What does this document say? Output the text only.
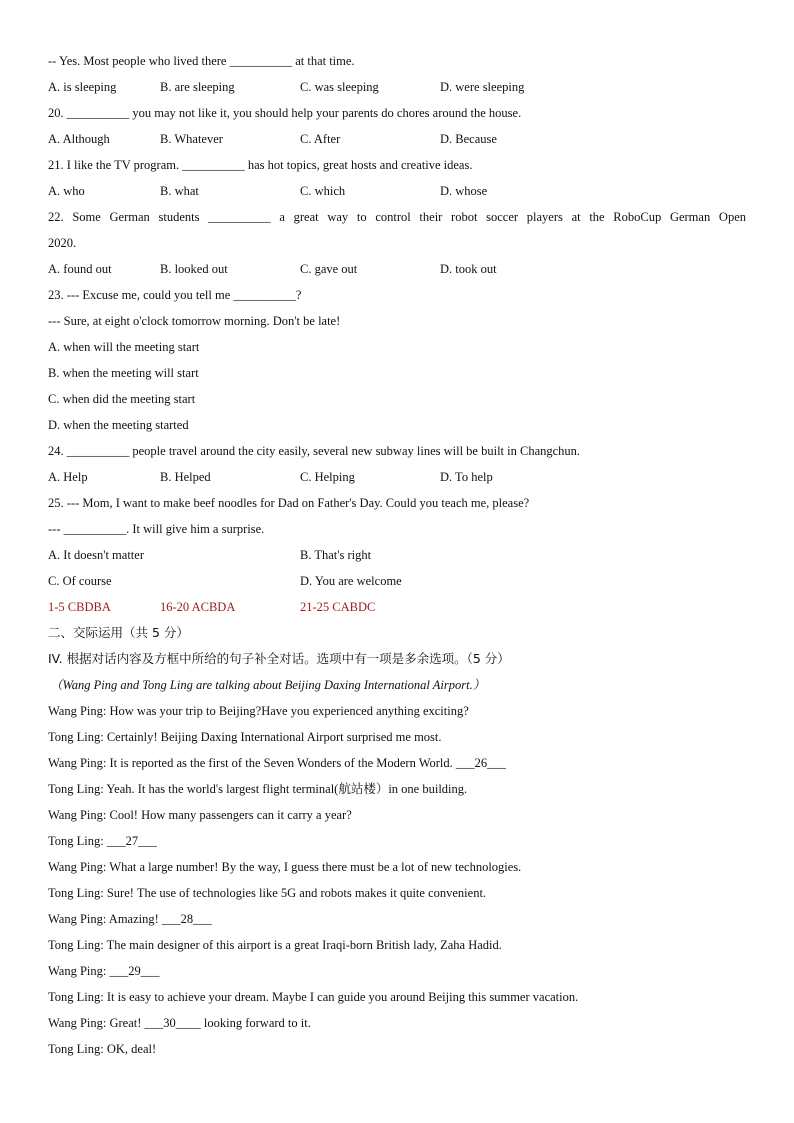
-- Yes. Most people who lived there __________ at that time.
A. is sleeping	B. are sleeping	C. was sleeping	D. were sleeping
20. __________ you may not like it, you should help your parents do chores around the house.
A. Although	B. Whatever	C. After	D. Because
21. I like the TV program. __________ has hot topics, great hosts and creative ideas.
A. who	B. what	C. which	D. whose
22. Some German students __________ a great way to control their robot soccer players at the RoboCup German Open
2020.
A. found out	B. looked out	C. gave out	D. took out
23. --- Excuse me, could you tell me __________?
--- Sure, at eight o'clock tomorrow morning. Don't be late!
A. when will the meeting start
B. when the meeting will start
C. when did the meeting start
D. when the meeting started
24. __________ people travel around the city easily, several new subway lines will be built in Changchun.
A. Help	B. Helped	C. Helping	D. To help
25. --- Mom, I want to make beef noodles for Dad on Father's Day. Could you teach me, please?
--- __________. It will give him a surprise.
A. It doesn't matter	B. That's right
C. Of course	D. You are welcome
1-5 CBDBA	16-20 ACBDA	21-25 CABDC
二、交际运用（共 5 分）
IV. 根据对话内容及方框中所给的句子补全对话。选项中有一项是多余选项。（5 分）
（Wang Ping and Tong Ling are talking about Beijing Daxing International Airport.）
Wang Ping: How was your trip to Beijing?Have you experienced anything exciting?
Tong Ling: Certainly! Beijing Daxing International Airport surprised me most.
Wang Ping: It is reported as the first of the Seven Wonders of the Modern World. ___26___
Tong Ling: Yeah. It has the world's largest flight terminal(航站楼）in one building.
Wang Ping: Cool! How many passengers can it carry a year?
Tong Ling: ___27___
Wang Ping: What a large number! By the way, I guess there must be a lot of new technologies.
Tong Ling: Sure! The use of technologies like 5G and robots makes it quite convenient.
Wang Ping: Amazing! ___28___
Tong Ling: The main designer of this airport is a great Iraqi-born British lady, Zaha Hadid.
Wang Ping: ___29___
Tong Ling: It is easy to achieve your dream. Maybe I can guide you around Beijing this summer vacation.
Wang Ping: Great! ___30____ looking forward to it.
Tong Ling: OK, deal!
